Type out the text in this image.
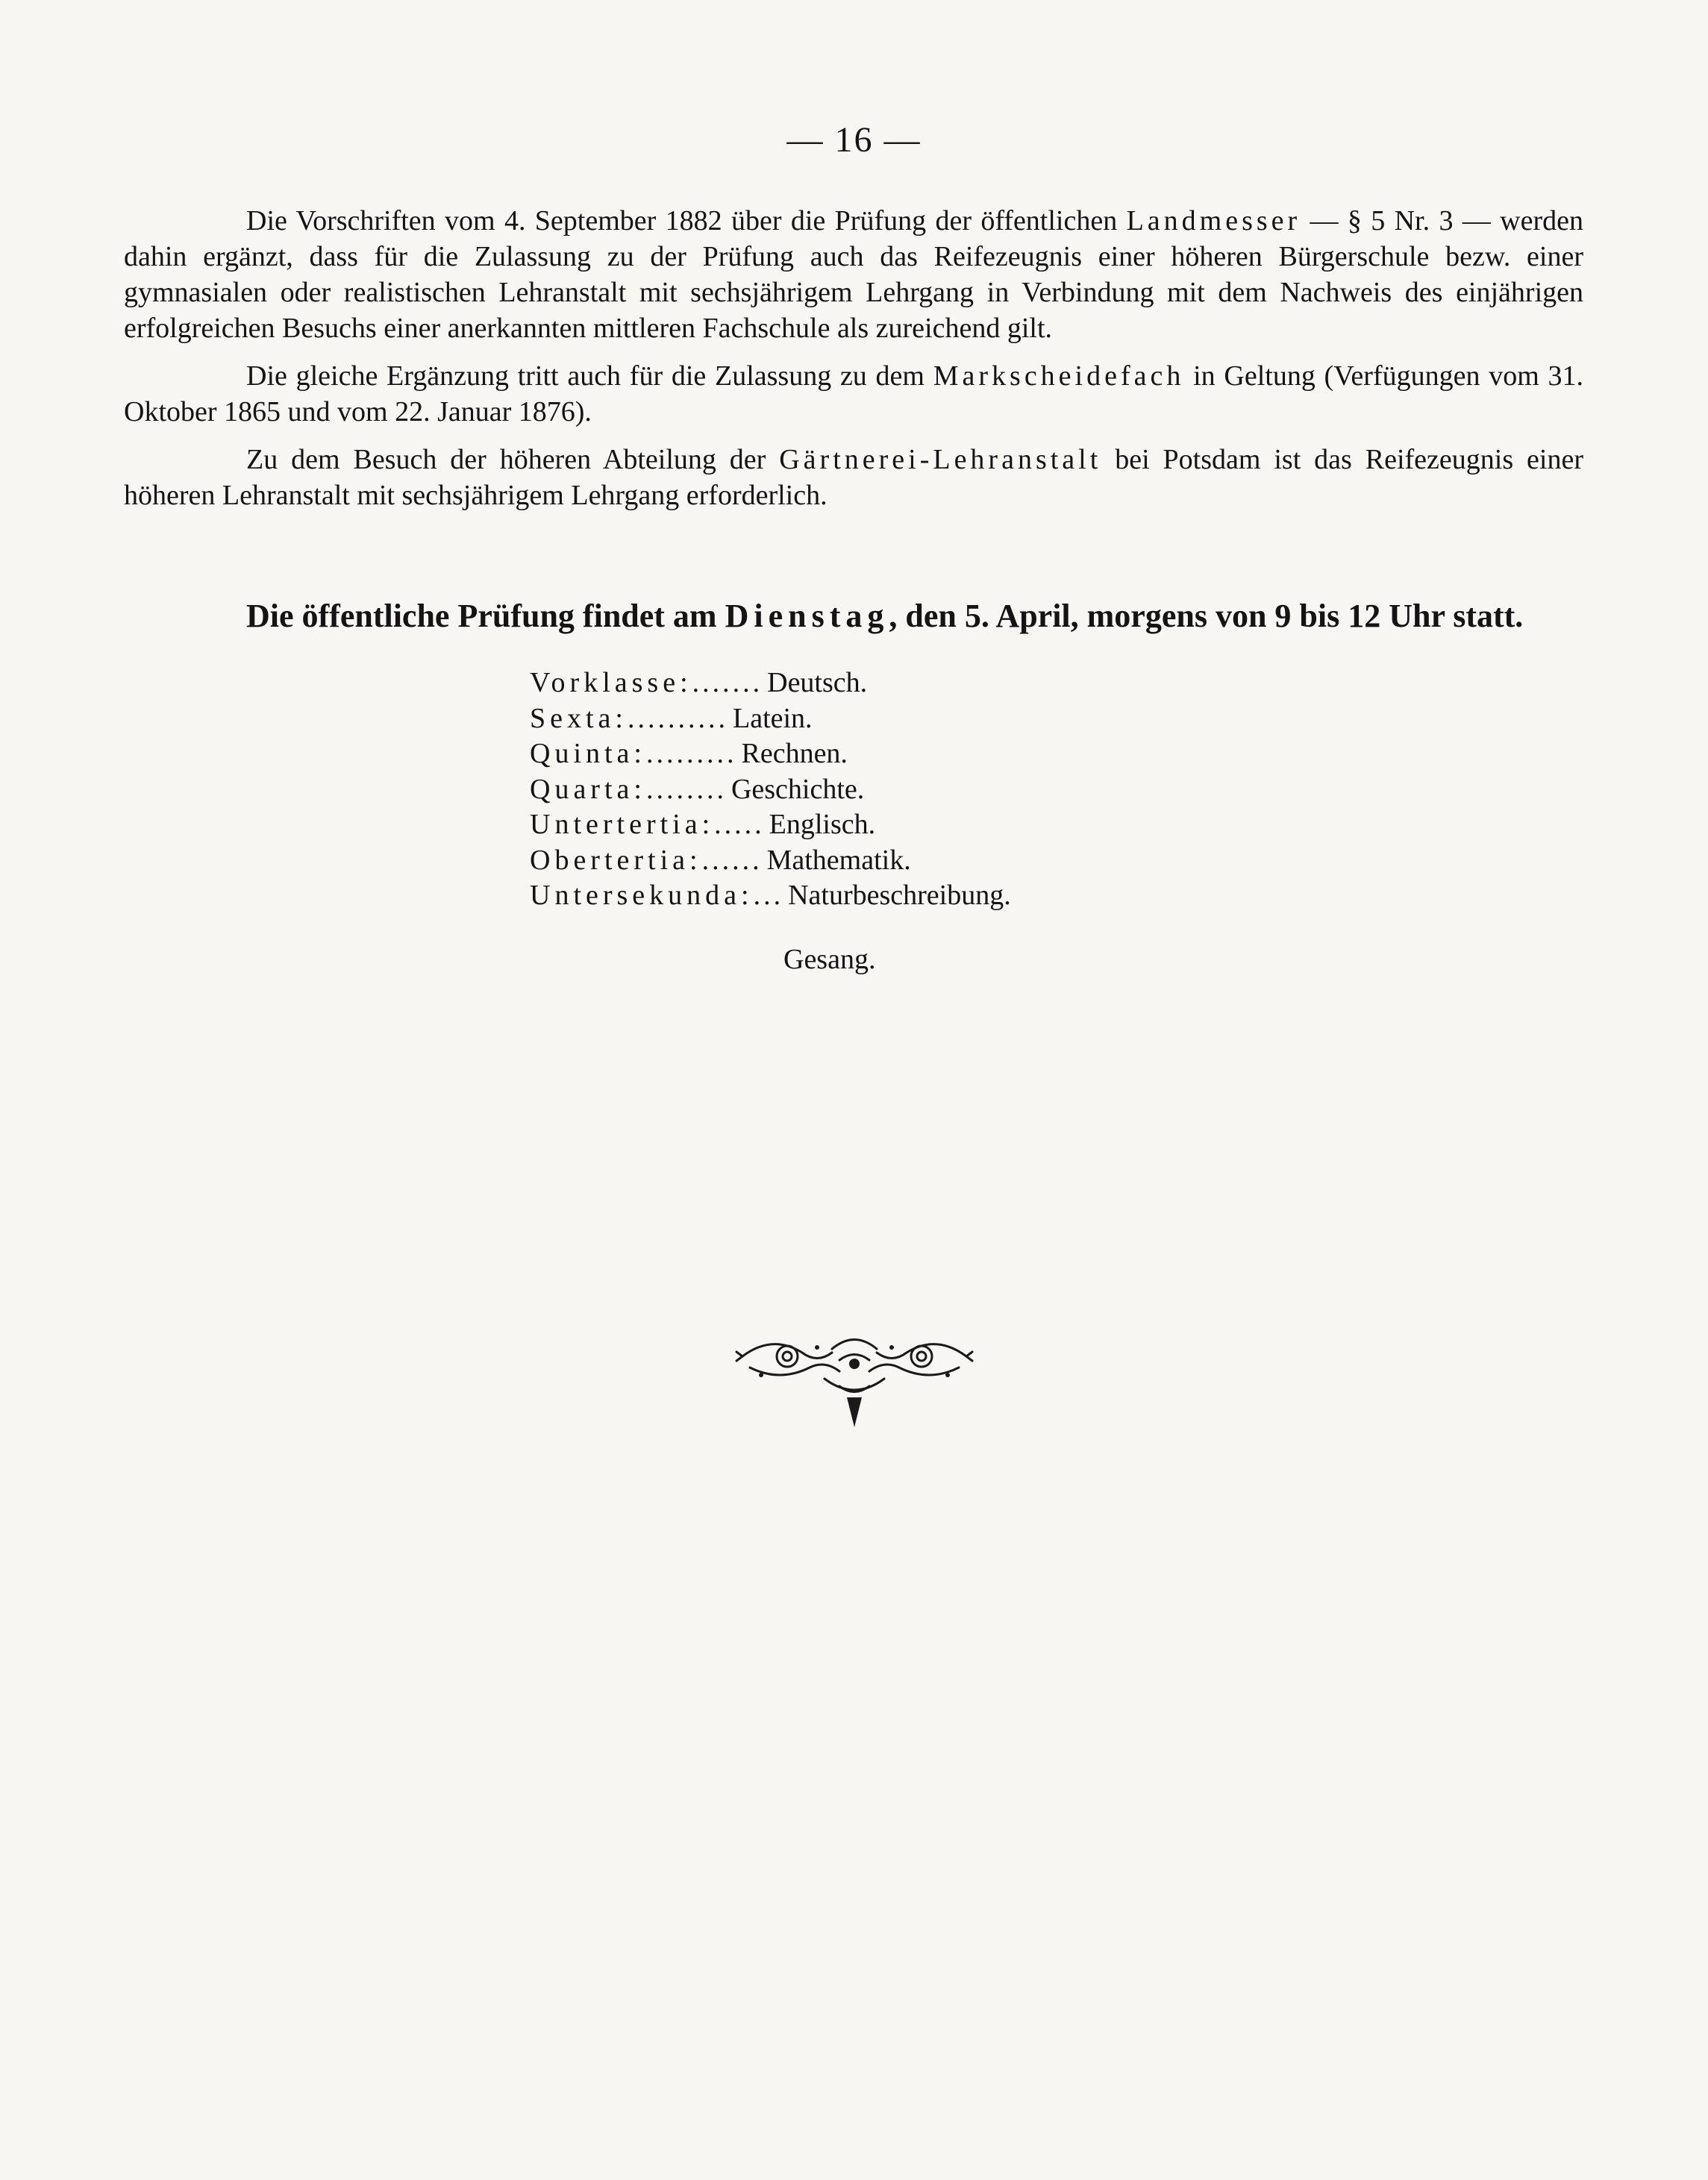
— 16 —

Die Vorschriften vom 4. September 1882 über die Prüfung der öffentlichen Landmesser — § 5 Nr. 3 — werden dahin ergänzt, dass für die Zulassung zu der Prüfung auch das Reifezeugnis einer höheren Bürgerschule bezw. einer gymnasialen oder realistischen Lehranstalt mit sechsjährigem Lehrgang in Verbindung mit dem Nachweis des einjährigen erfolgreichen Besuchs einer anerkannten mittleren Fachschule als zureichend gilt.

Die gleiche Ergänzung tritt auch für die Zulassung zu dem Markscheidefach in Geltung (Verfügungen vom 31. Oktober 1865 und vom 22. Januar 1876).

Zu dem Besuch der höheren Abteilung der Gärtnerei-Lehranstalt bei Potsdam ist das Reifezeugnis einer höheren Lehranstalt mit sechsjährigem Lehrgang erforderlich.

Die öffentliche Prüfung findet am Dienstag, den 5. April, morgens von 9 bis 12 Uhr statt.
Vorklasse: ....... Deutsch.
Sexta: .......... Latein.
Quinta: ......... Rechnen.
Quarta: ........ Geschichte.
Untertertia: ..... Englisch.
Obertertia: ...... Mathematik.
Untersekunda: ... Naturbeschreibung.
Gesang.
